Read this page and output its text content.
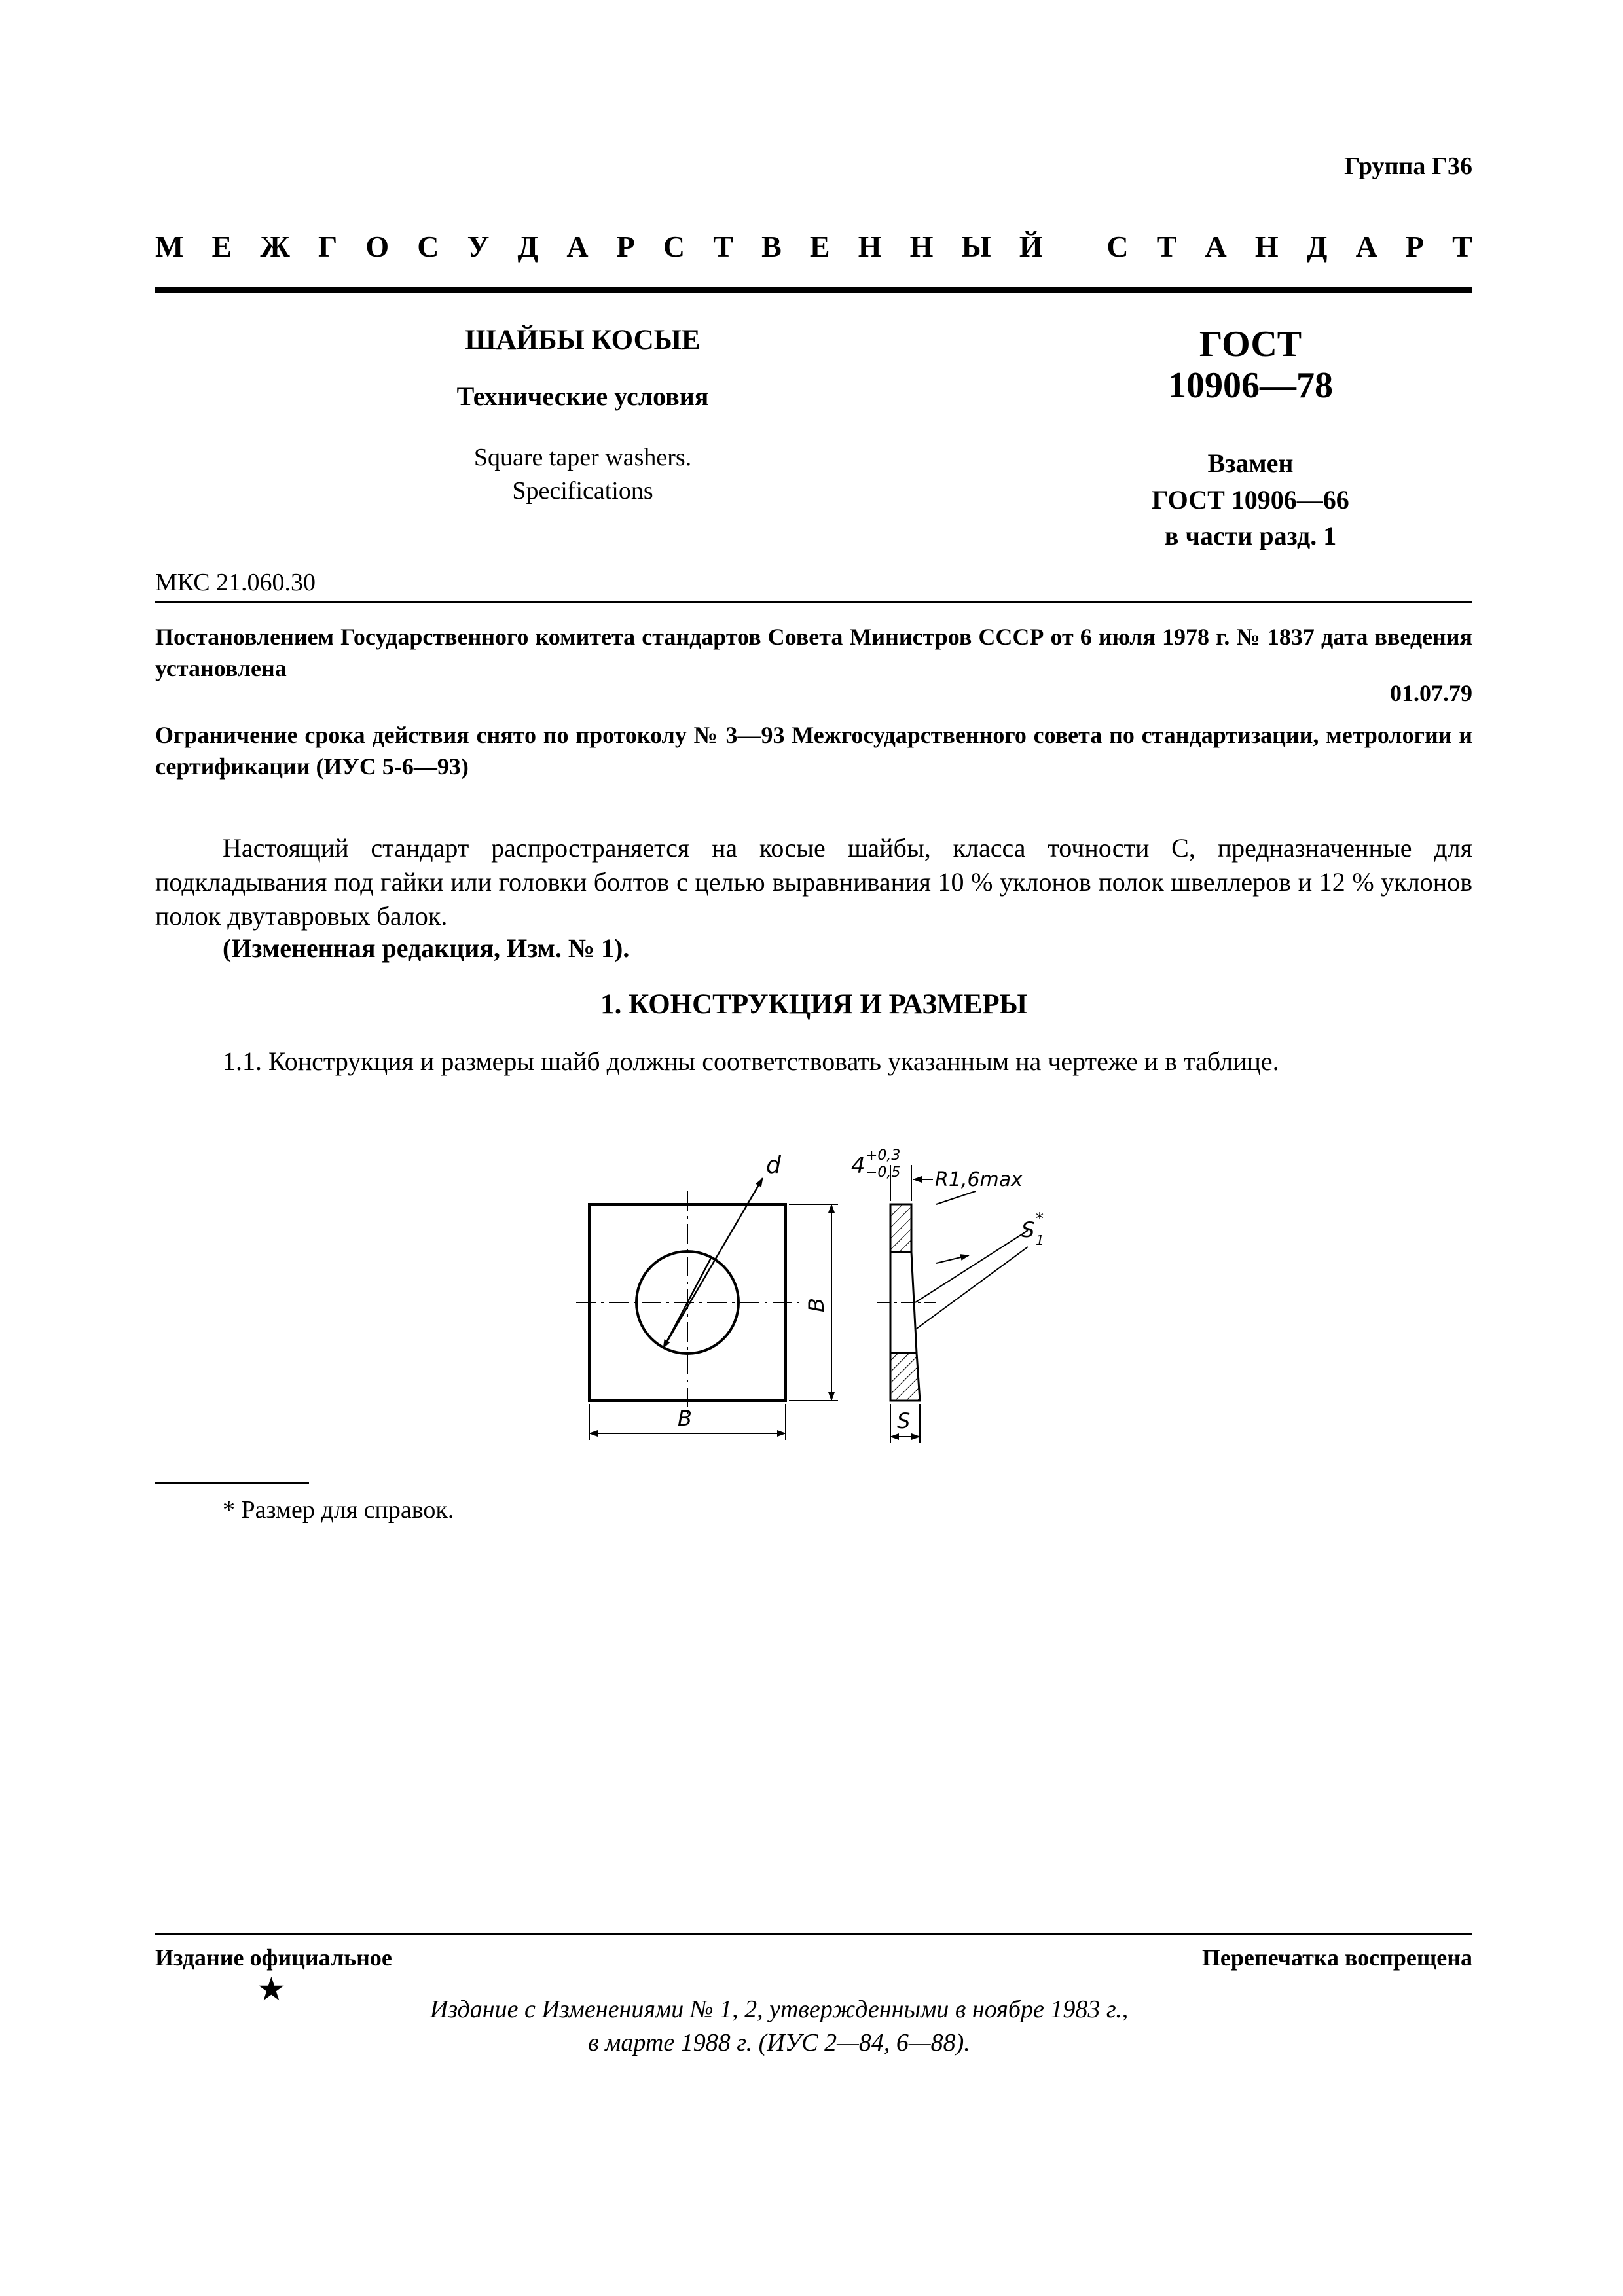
Группа Г36
М Е Ж Г О С У Д А Р С Т В Е Н Н Ы Й
С Т А Н Д А Р Т
ШАЙБЫ КОСЫЕ
Технические условия
Square taper washers.
Specifications
ГОСТ
10906—78
Взамен
ГОСТ 10906—66
в части разд. 1
МКС 21.060.30
Постановлением Государственного комитета стандартов Совета Министров СССР от 6 июля 1978 г. № 1837 дата введения установлена
01.07.79
Ограничение срока действия снято по протоколу № 3—93 Межгосударственного совета по стандартизации, метрологии и сертификации (ИУС 5-6—93)
Настоящий стандарт распространяется на косые шайбы, класса точности С, предназначенные для подкладывания под гайки или головки болтов с целью выравнивания 10 % уклонов полок швеллеров и 12 % уклонов полок двутавровых балок.
(Измененная редакция, Изм. № 1).
1. КОНСТРУКЦИЯ И РАЗМЕРЫ
1.1. Конструкция и размеры шайб должны соответствовать указанным на чертеже и в таблице.
d
B
B
4 +0,3
−0,5 R1,6max
S 1
*
S
* Размер для справок.
Издание официальное	Перепечатка воспрещена
★
Издание с Изменениями № 1, 2, утвержденными в ноябре 1983 г.,
в марте 1988 г. (ИУС 2—84, 6—88).
